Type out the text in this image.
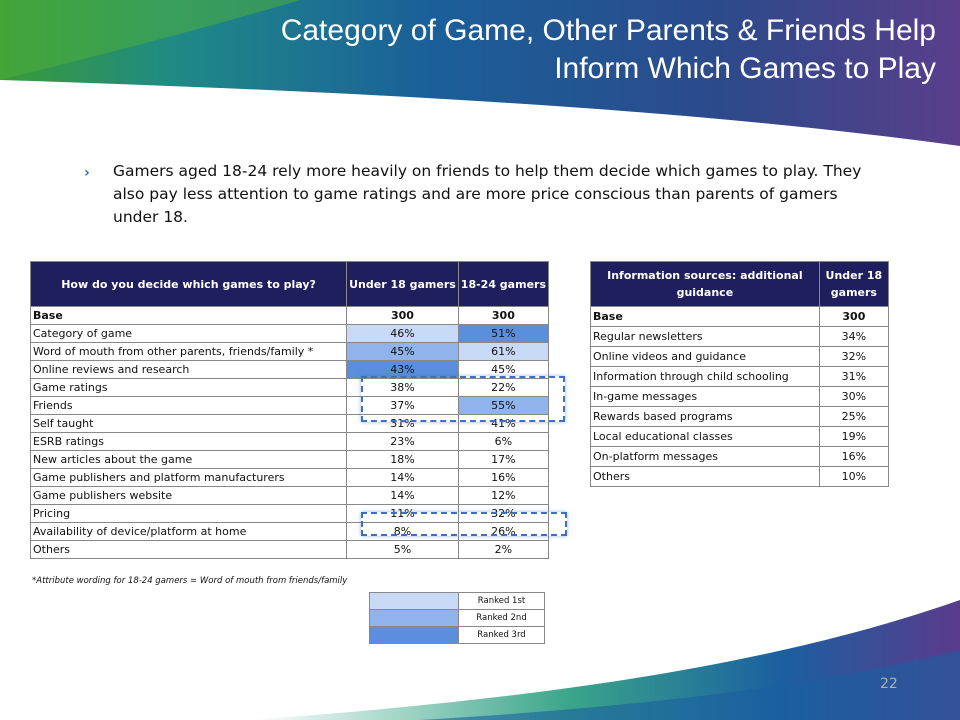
Category of Game, Other Parents & Friends Help
Inform Which Games to Play
› Gamers aged 18-24 rely more heavily on friends to help them decide which games to play. They also pay less attention to game ratings and are more price conscious than parents of gamers under 18.
How do you decide which games to play?	Under 18 gamers	18-24 gamers
Base	300	300
Category of game	46%	51%
Word of mouth from other parents, friends/family *	45%	61%
Online reviews and research	43%	45%
Game ratings	38%	22%
Friends	37%	55%
Self taught	31%	41%
ESRB ratings	23%	6%
New articles about the game	18%	17%
Game publishers and platform manufacturers	14%	16%
Game publishers website	14%	12%
Pricing	11%	32%
Availability of device/platform at home	8%	26%
Others	5%	2%
Information sources: additional guidance	Under 18 gamers
Base	300
Regular newsletters	34%
Online videos and guidance	32%
Information through child schooling	31%
In-game messages	30%
Rewards based programs	25%
Local educational classes	19%
On-platform messages	16%
Others	10%
*Attribute wording for 18-24 gamers = Word of mouth from friends/family
	Ranked 1st
	Ranked 2nd
	Ranked 3rd
22
